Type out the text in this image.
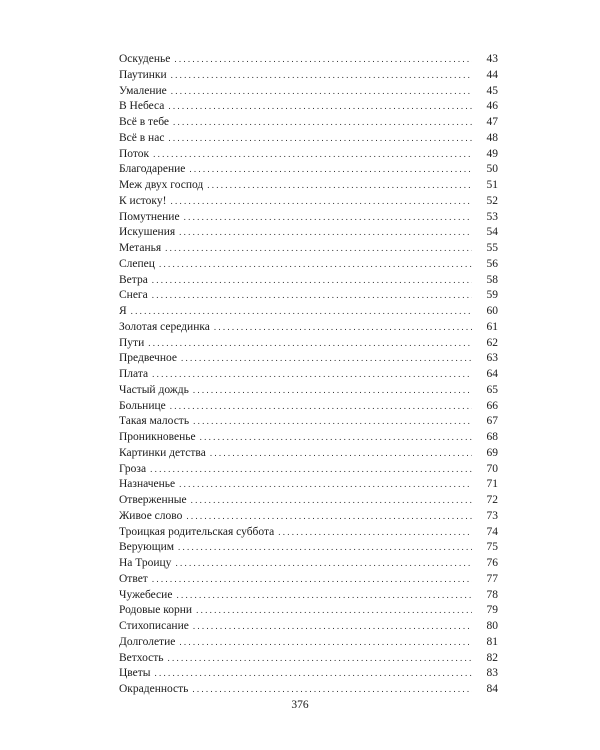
Оскуденье . . .	43
Паутинки . . .	44
Умаление . . .	45
В Небеса . . .	46
Всё в тебе . . .	47
Всё в нас . . .	48
Поток . . .	49
Благодарение . . .	50
Меж двух господ . . .	51
К истоку! . . .	52
Помутнение . . .	53
Искушения . . .	54
Метанья . . .	55
Слепец . . .	56
Ветра . . .	58
Снега . . .	59
Я . . .	60
Золотая серединка . . .	61
Пути . . .	62
Предвечное . . .	63
Плата . . .	64
Частый дождь . . .	65
Больнице . . .	66
Такая малость . . .	67
Проникновенье . . .	68
Картинки детства . . .	69
Гроза . . .	70
Назначенье . . .	71
Отверженные . . .	72
Живое слово . . .	73
Троицкая родительская суббота . . .	74
Верующим . . .	75
На Троицу . . .	76
Ответ . . .	77
Чужебесие . . .	78
Родовые корни . . .	79
Стихописание . . .	80
Долголетие . . .	81
Ветхость . . .	82
Цветы . . .	83
Окраденность . . .	84
376
